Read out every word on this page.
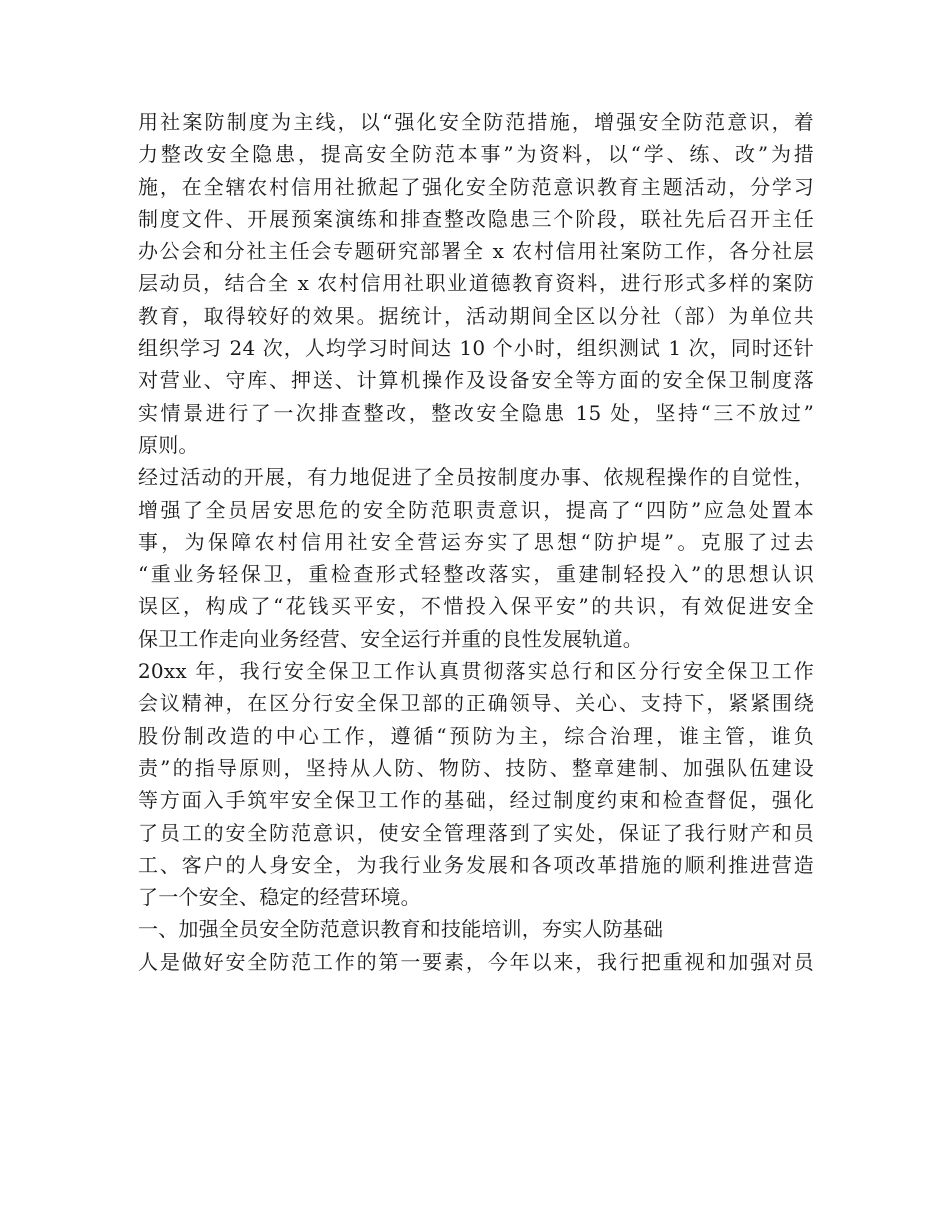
用社案防制度为主线，以“强化安全防范措施，增强安全防范意识，着
力整改安全隐患，提高安全防范本事”为资料，以“学、练、改”为措
施，在全辖农村信用社掀起了强化安全防范意识教育主题活动，分学习
制度文件、开展预案演练和排查整改隐患三个阶段，联社先后召开主任
办公会和分社主任会专题研究部署全 x 农村信用社案防工作，各分社层
层动员，结合全 x 农村信用社职业道德教育资料，进行形式多样的案防
教育，取得较好的效果。据统计，活动期间全区以分社（部）为单位共
组织学习 24 次，人均学习时间达 10 个小时，组织测试 1 次，同时还针
对营业、守库、押送、计算机操作及设备安全等方面的安全保卫制度落
实情景进行了一次排查整改，整改安全隐患 15 处，坚持“三不放过”
原则。
经过活动的开展，有力地促进了全员按制度办事、依规程操作的自觉性，
增强了全员居安思危的安全防范职责意识，提高了“四防”应急处置本
事，为保障农村信用社安全营运夯实了思想“防护堤”。克服了过去
“重业务轻保卫，重检查形式轻整改落实，重建制轻投入”的思想认识
误区，构成了“花钱买平安，不惜投入保平安”的共识，有效促进安全
保卫工作走向业务经营、安全运行并重的良性发展轨道。
20xx 年，我行安全保卫工作认真贯彻落实总行和区分行安全保卫工作
会议精神，在区分行安全保卫部的正确领导、关心、支持下，紧紧围绕
股份制改造的中心工作，遵循“预防为主，综合治理，谁主管，谁负
责”的指导原则，坚持从人防、物防、技防、整章建制、加强队伍建设
等方面入手筑牢安全保卫工作的基础，经过制度约束和检查督促，强化
了员工的安全防范意识，使安全管理落到了实处，保证了我行财产和员
工、客户的人身安全，为我行业务发展和各项改革措施的顺利推进营造
了一个安全、稳定的经营环境。
一、加强全员安全防范意识教育和技能培训，夯实人防基础
人是做好安全防范工作的第一要素，今年以来，我行把重视和加强对员
